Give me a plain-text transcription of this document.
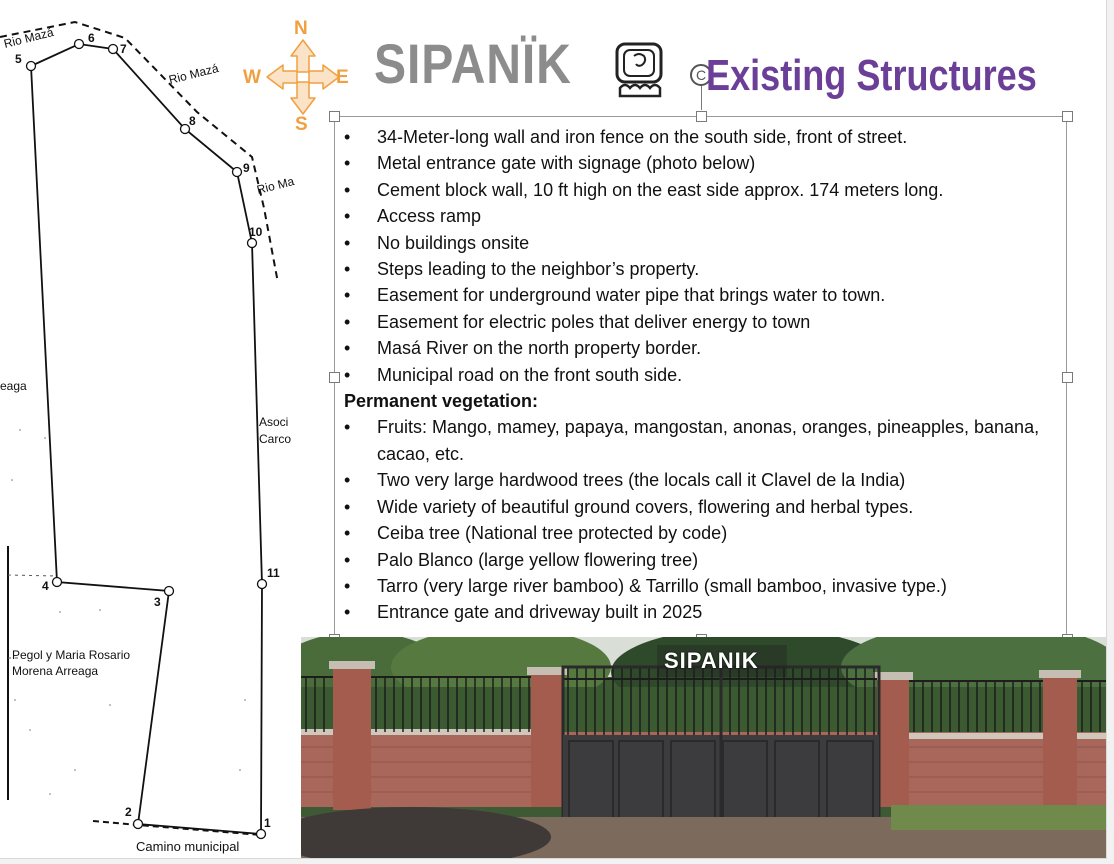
1
2
3
4
5
6
7
8
9
10
11
Rio Mazá
Rio Mazá
Rio Ma
eaga
Asoci
Carco
Pegol y Maria Rosario
Morena Arreaga
Camino municipal
N
S
W	E SIPANÏK	C Existing Structures
• 34-Meter-long wall and iron fence on the south side, front of street.
• Metal entrance gate with signage (photo below)
• Cement block wall, 10 ft high on the east side approx. 174 meters long.
• Access ramp
• No buildings onsite
• Steps leading to the neighbor’s property.
• Easement for underground water pipe that brings water to town.
• Easement for electric poles that deliver energy to town
• Masá River on the north property border.
• Municipal road on the front south side.

Permanent vegetation:

• Fruits: Mango, mamey, papaya, mangostan, anonas, oranges, pineapples, banana, cacao, etc.
• Two very large hardwood trees (the locals call it Clavel de la India)
• Wide variety of beautiful ground covers, flowering and herbal types.
• Ceiba tree (National tree protected by code)
• Palo Blanco (large yellow flowering tree)
• Tarro (very large river bamboo) & Tarrillo (small bamboo, invasive type.)
• Entrance gate and driveway built in 2025
SIPANIK
